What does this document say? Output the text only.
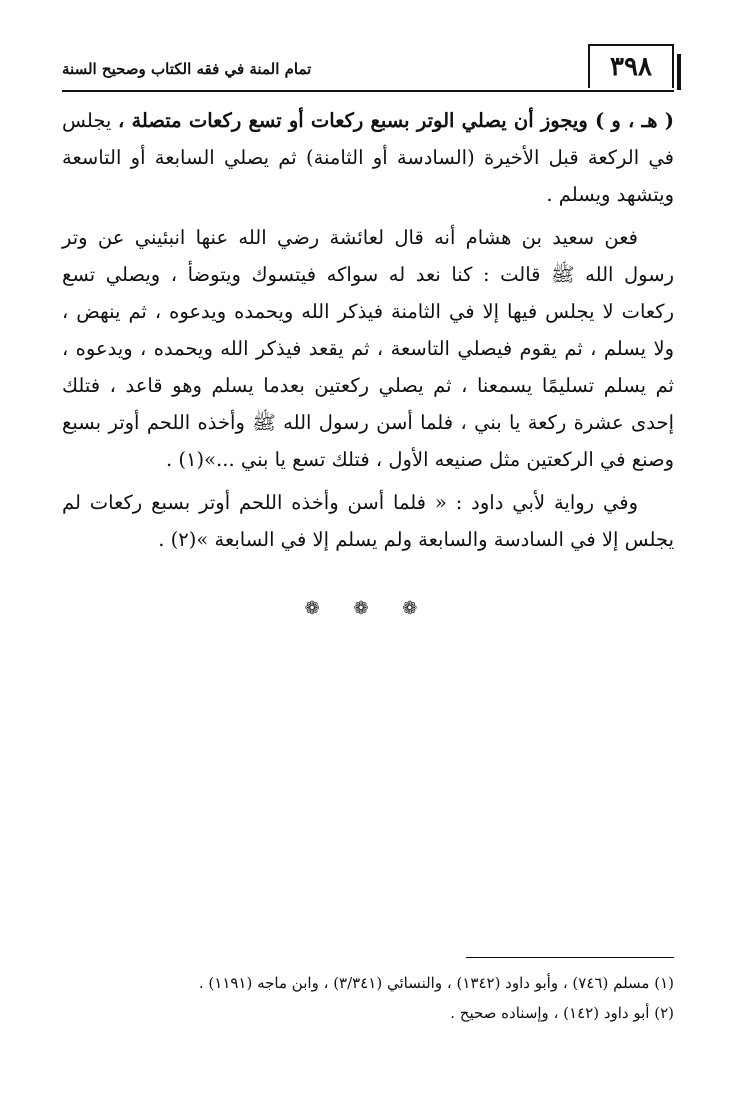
٣٩٨
تمام المنة في فقه الكتاب وصحيح السنة

( هـ ، و ) ويجوز أن يصلي الوتر بسبع ركعات أو تسع ركعات متصلة ، يجلس في الركعة قبل الأخيرة (السادسة أو الثامنة) ثم يصلي السابعة أو التاسعة ويتشهد ويسلم .

فعن سعيد بن هشام أنه قال لعائشة رضي الله عنها انبئيني عن وتر رسول الله ﷺ قالت : كنا نعد له سواكه فيتسوك ويتوضأ ، ويصلي تسع ركعات لا يجلس فيها إلا في الثامنة فيذكر الله ويحمده ويدعوه ، ثم ينهض ، ولا يسلم ، ثم يقوم فيصلي التاسعة ، ثم يقعد فيذكر الله ويحمده ، ويدعوه ، ثم يسلم تسليمًا يسمعنا ، ثم يصلي ركعتين بعدما يسلم وهو قاعد ، فتلك إحدى عشرة ركعة يا بني ، فلما أسن رسول الله ﷺ وأخذه اللحم أوتر بسبع وصنع في الركعتين مثل صنيعه الأول ، فتلك تسع يا بني ...»(١) .

وفي رواية لأبي داود : « فلما أسن وأخذه اللحم أوتر بسبع ركعات لم يجلس إلا في السادسة والسابعة ولم يسلم إلا في السابعة »(٢) .

❁ ❁ ❁

(١) مسلم (٧٤٦) ، وأبو داود (١٣٤٢) ، والنسائي (٣/٣٤١) ، وابن ماجه (١١٩١) .

(٢) أبو داود (١٤٢) ، وإسناده صحيح .
